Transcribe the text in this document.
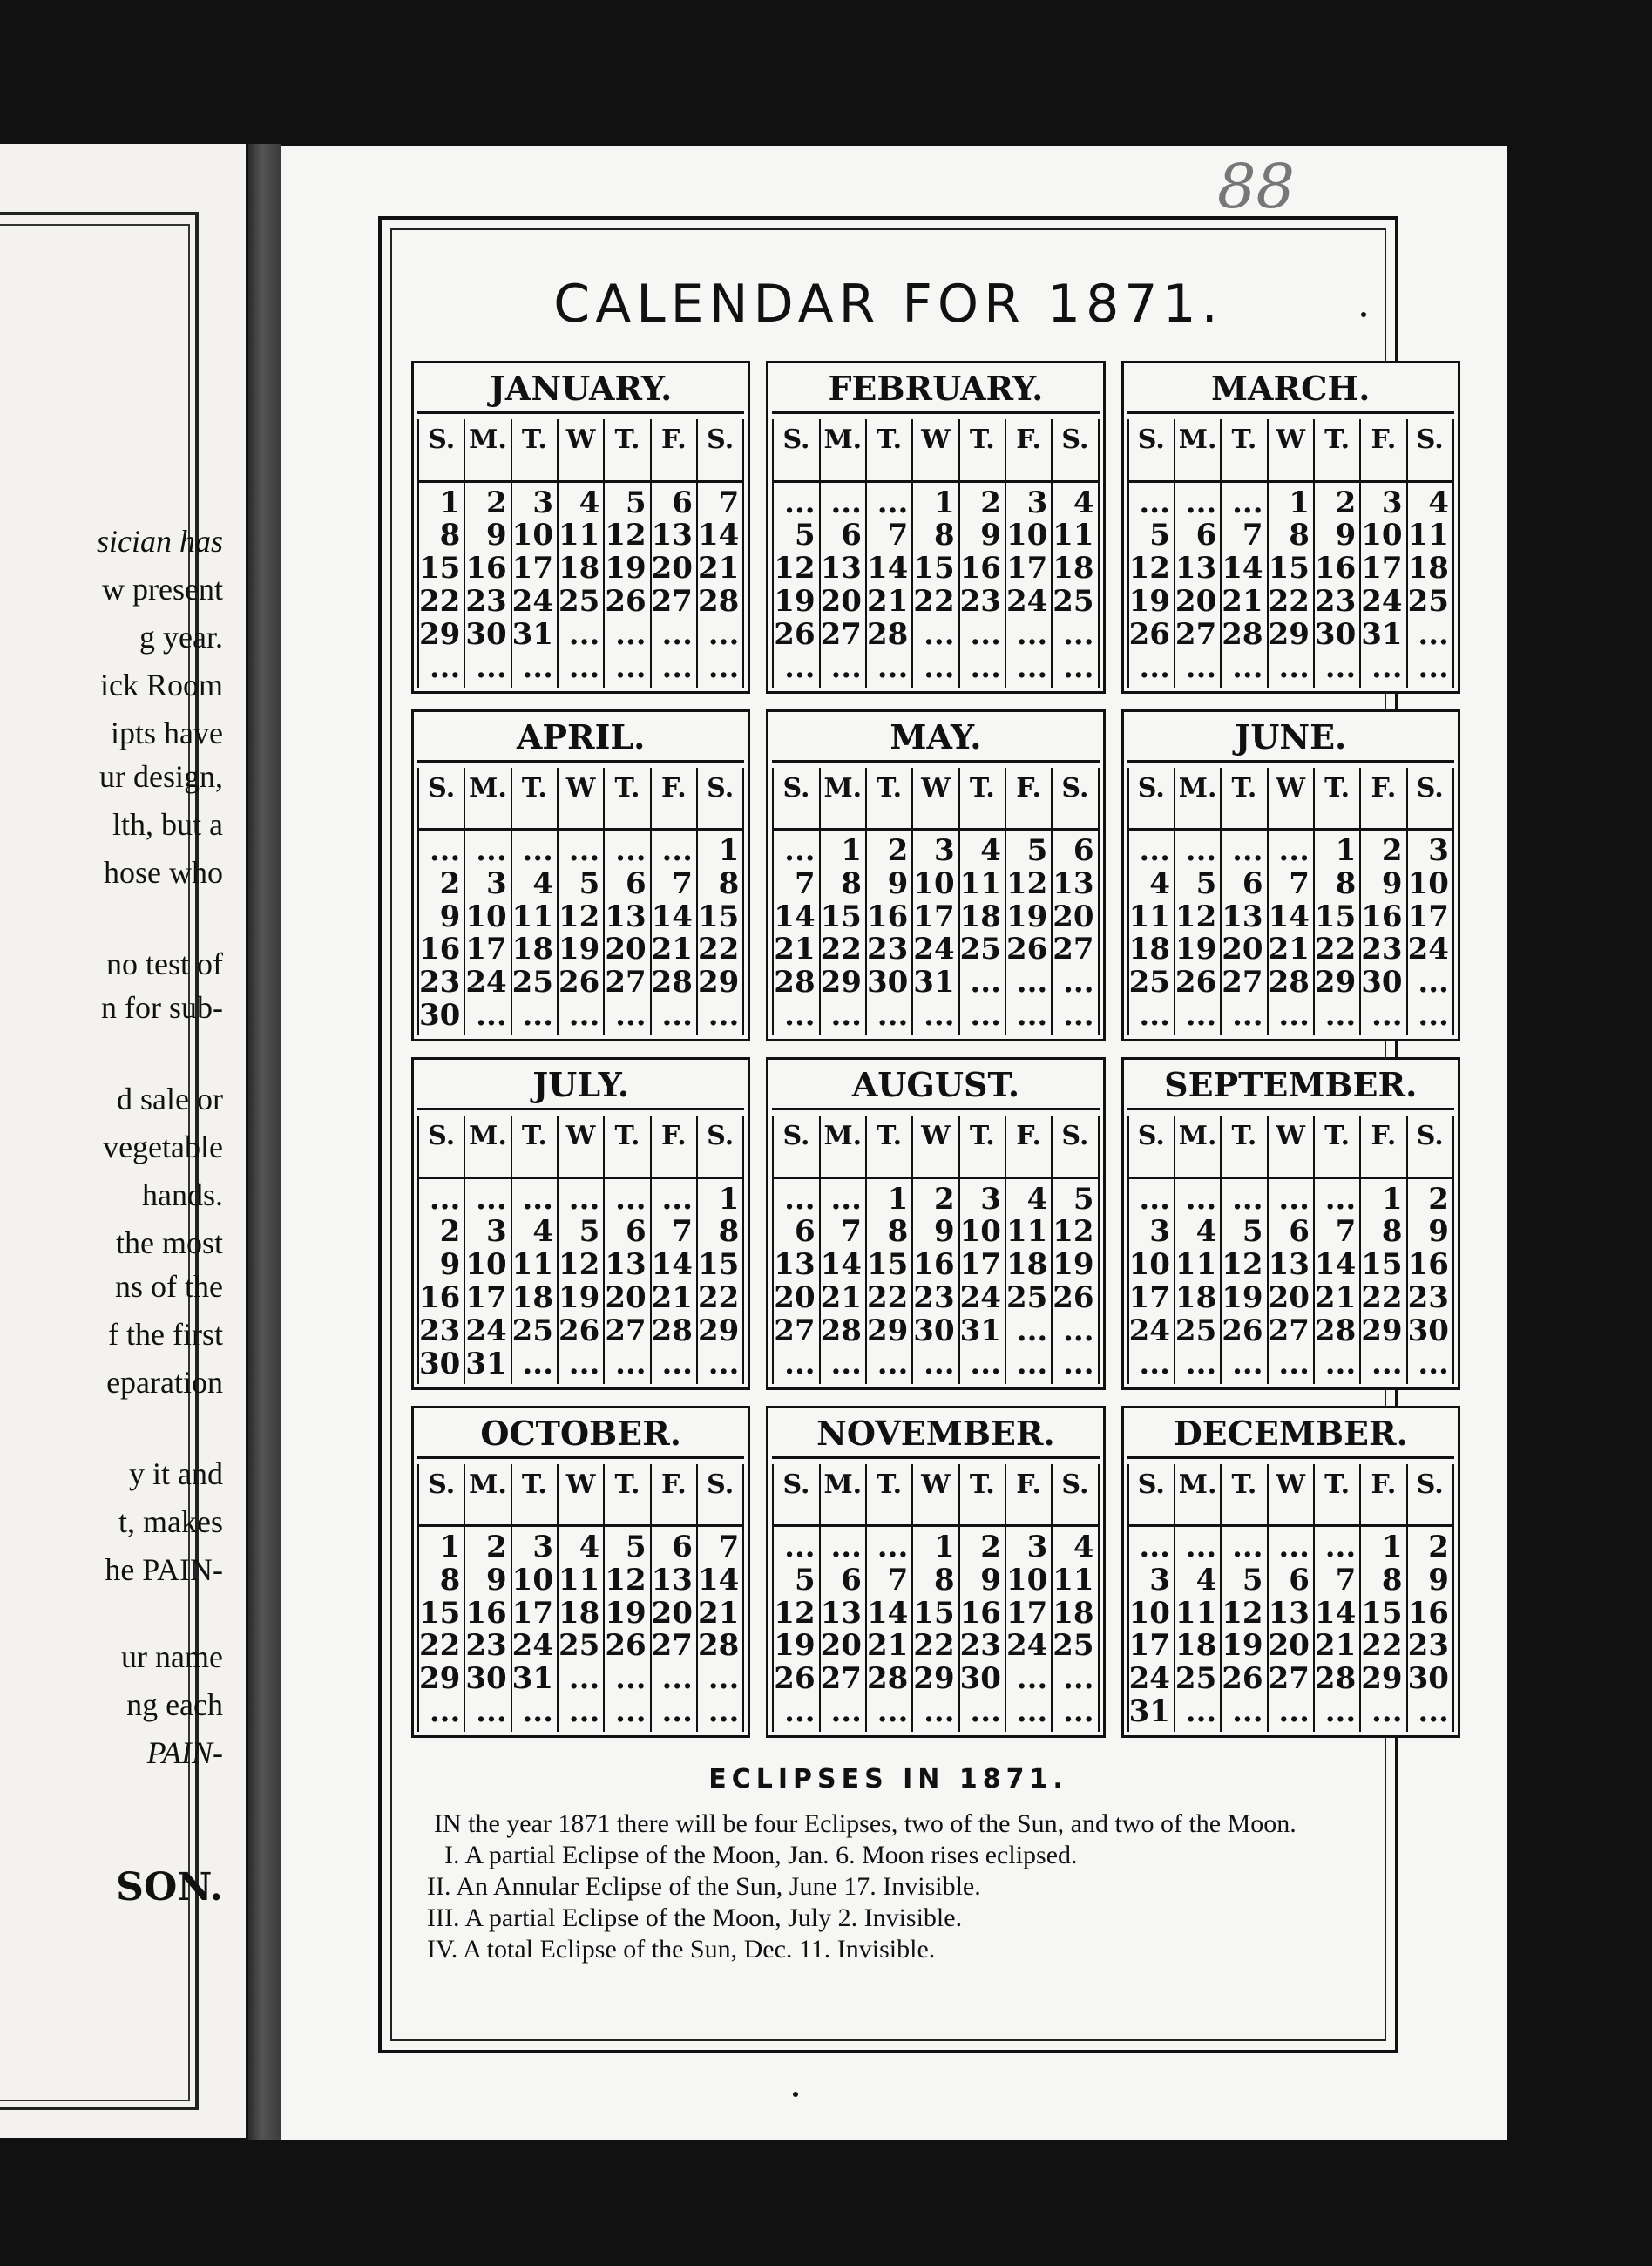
sician has
w present
g year.
ick Room
ipts have
ur design,
lth, but a
hose who
no test of
n for sub-
d sale or
vegetable
hands.
the most
ns of the
f the first
eparation
y it and
t, makes
he PAIN-
ur name
ng each
PAIN-
SON.
88
CALENDAR FOR 1871.
JANUARY.
S. M. T. W T. F. S.
1
8
15
22
29
...
2
9
16
23
30
...
3
10
17
24
31
...
4
11
18
25
...
...
5
12
19
26
...
...
6
13
20
27
...
...
7
14
21
28
...
...
FEBRUARY.
S. M. T. W T. F. S.
...
5
12
19
26
...
...
6
13
20
27
...
...
7
14
21
28
...
1
8
15
22
...
...
2
9
16
23
...
...
3
10
17
24
...
...
4
11
18
25
...
...
MARCH.
S. M. T. W T. F. S.
...
5
12
19
26
...
...
6
13
20
27
...
...
7
14
21
28
...
1
8
15
22
29
...
2
9
16
23
30
...
3
10
17
24
31
...
4
11
18
25
...
...
APRIL.
S. M. T. W T. F. S.
...
2
9
16
23
30
...
3
10
17
24
...
...
4
11
18
25
...
...
5
12
19
26
...
...
6
13
20
27
...
...
7
14
21
28
...
1
8
15
22
29
...
MAY.
S. M. T. W T. F. S.
...
7
14
21
28
...
1
8
15
22
29
...
2
9
16
23
30
...
3
10
17
24
31
...
4
11
18
25
...
...
5
12
19
26
...
...
6
13
20
27
...
...
JUNE.
S. M. T. W T. F. S.
...
4
11
18
25
...
...
5
12
19
26
...
...
6
13
20
27
...
...
7
14
21
28
...
1
8
15
22
29
...
2
9
16
23
30
...
3
10
17
24
...
...
JULY.
S. M. T. W T. F. S.
...
2
9
16
23
30
...
3
10
17
24
31
...
4
11
18
25
...
...
5
12
19
26
...
...
6
13
20
27
...
...
7
14
21
28
...
1
8
15
22
29
...
AUGUST.
S. M. T. W T. F. S.
...
6
13
20
27
...
...
7
14
21
28
...
1
8
15
22
29
...
2
9
16
23
30
...
3
10
17
24
31
...
4
11
18
25
...
...
5
12
19
26
...
...
SEPTEMBER.
S. M. T. W T. F. S.
...
3
10
17
24
...
...
4
11
18
25
...
...
5
12
19
26
...
...
6
13
20
27
...
...
7
14
21
28
...
1
8
15
22
29
...
2
9
16
23
30
...
OCTOBER.
S. M. T. W T. F. S.
1
8
15
22
29
...
2
9
16
23
30
...
3
10
17
24
31
...
4
11
18
25
...
...
5
12
19
26
...
...
6
13
20
27
...
...
7
14
21
28
...
...
NOVEMBER.
S. M. T. W T. F. S.
...
5
12
19
26
...
...
6
13
20
27
...
...
7
14
21
28
...
1
8
15
22
29
...
2
9
16
23
30
...
3
10
17
24
...
...
4
11
18
25
...
...
DECEMBER.
S. M. T. W T. F. S.
...
3
10
17
24
31
...
4
11
18
25
...
...
5
12
19
26
...
...
6
13
20
27
...
...
7
14
21
28
...
1
8
15
22
29
...
2
9
16
23
30
...
ECLIPSES IN 1871.
IN the year 1871 there will be four Eclipses, two of the Sun, and two of the Moon.
I. A partial Eclipse of the Moon, Jan. 6. Moon rises eclipsed.
II. An Annular Eclipse of the Sun, June 17. Invisible.
III. A partial Eclipse of the Moon, July 2. Invisible.
IV. A total Eclipse of the Sun, Dec. 11. Invisible.
